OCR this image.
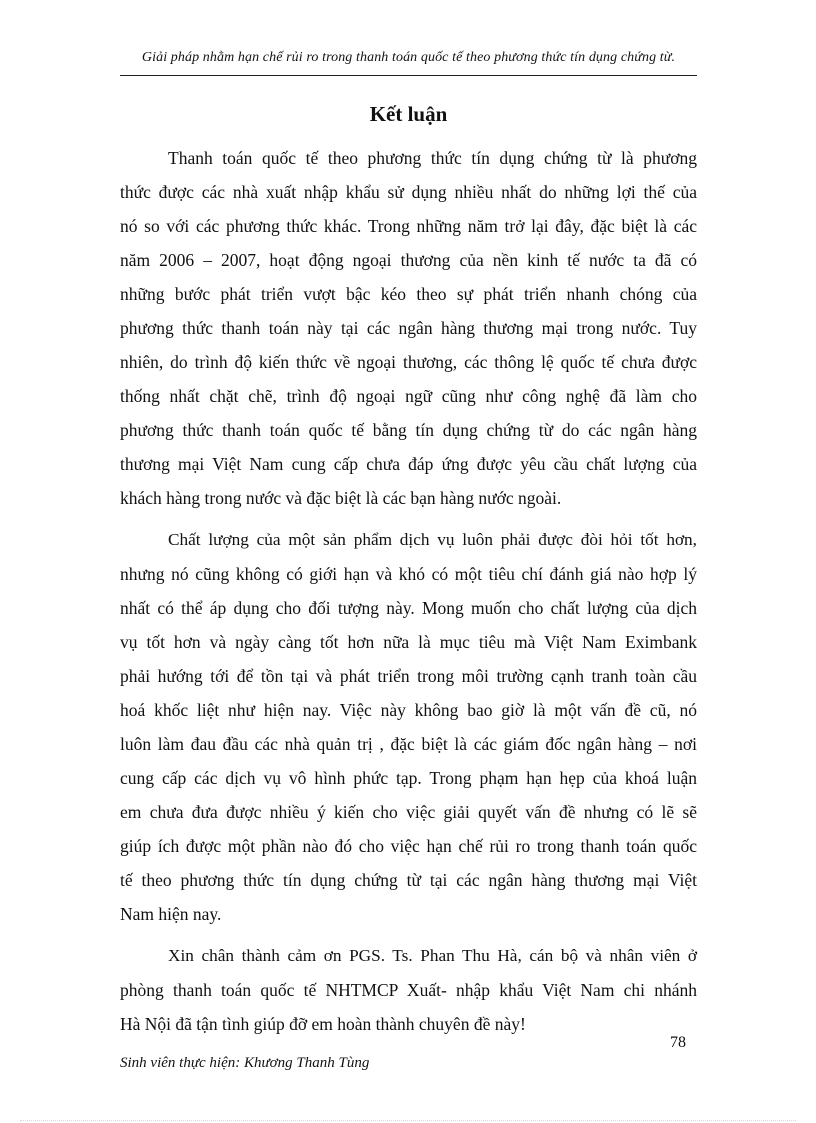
Giải pháp nhằm hạn chế rủi ro trong thanh toán quốc tế theo phương thức tín dụng chứng từ.
Kết luận
Thanh toán quốc tế theo phương thức tín dụng chứng từ là phương
thức được các nhà xuất nhập khẩu sử dụng nhiều nhất do những lợi thế của
nó so với các phương thức khác. Trong những năm trở lại đây, đặc biệt là các
năm 2006 – 2007, hoạt động ngoại thương của nền kinh tế nước ta đã có
những bước phát triển vượt bậc kéo theo sự phát triển nhanh chóng của
phương thức thanh toán này tại các ngân hàng thương mại trong nước. Tuy
nhiên, do trình độ kiến thức về ngoại thương, các thông lệ quốc tế chưa được
thống nhất chặt chẽ, trình độ ngoại ngữ cũng như công nghệ đã làm cho
phương thức thanh toán quốc tế bằng tín dụng chứng từ do các ngân hàng
thương mại Việt Nam cung cấp chưa đáp ứng được yêu cầu chất lượng của
khách hàng trong nước và đặc biệt là các bạn hàng nước ngoài.
Chất lượng của một sản phẩm dịch vụ luôn phải được đòi hỏi tốt hơn,
nhưng nó cũng không có giới hạn và khó có một tiêu chí đánh giá nào hợp lý
nhất có thể áp dụng cho đối tượng này. Mong muốn cho chất lượng của dịch
vụ tốt hơn và ngày càng tốt hơn nữa là mục tiêu mà Việt Nam Eximbank
phải hướng tới để tồn tại và phát triển trong môi trường cạnh tranh toàn cầu
hoá khốc liệt như hiện nay. Việc này không bao giờ là một vấn đề cũ, nó
luôn làm đau đầu các nhà quản trị , đặc biệt là các giám đốc ngân hàng – nơi
cung cấp các dịch vụ vô hình phức tạp. Trong phạm hạn hẹp của khoá luận
em chưa đưa được nhiều ý kiến cho việc giải quyết vấn đề nhưng có lẽ sẽ
giúp ích được một phần nào đó cho việc hạn chế rủi ro trong thanh toán quốc
tế theo phương thức tín dụng chứng từ tại các ngân hàng thương mại Việt
Nam hiện nay.
Xin chân thành cảm ơn PGS. Ts. Phan Thu Hà, cán bộ và nhân viên ở
phòng thanh toán quốc tế NHTMCP Xuất- nhập khẩu Việt Nam chi nhánh
Hà Nội đã tận tình giúp đỡ em hoàn thành chuyên đề này!
78
Sinh viên thực hiện: Khương Thanh Tùng
